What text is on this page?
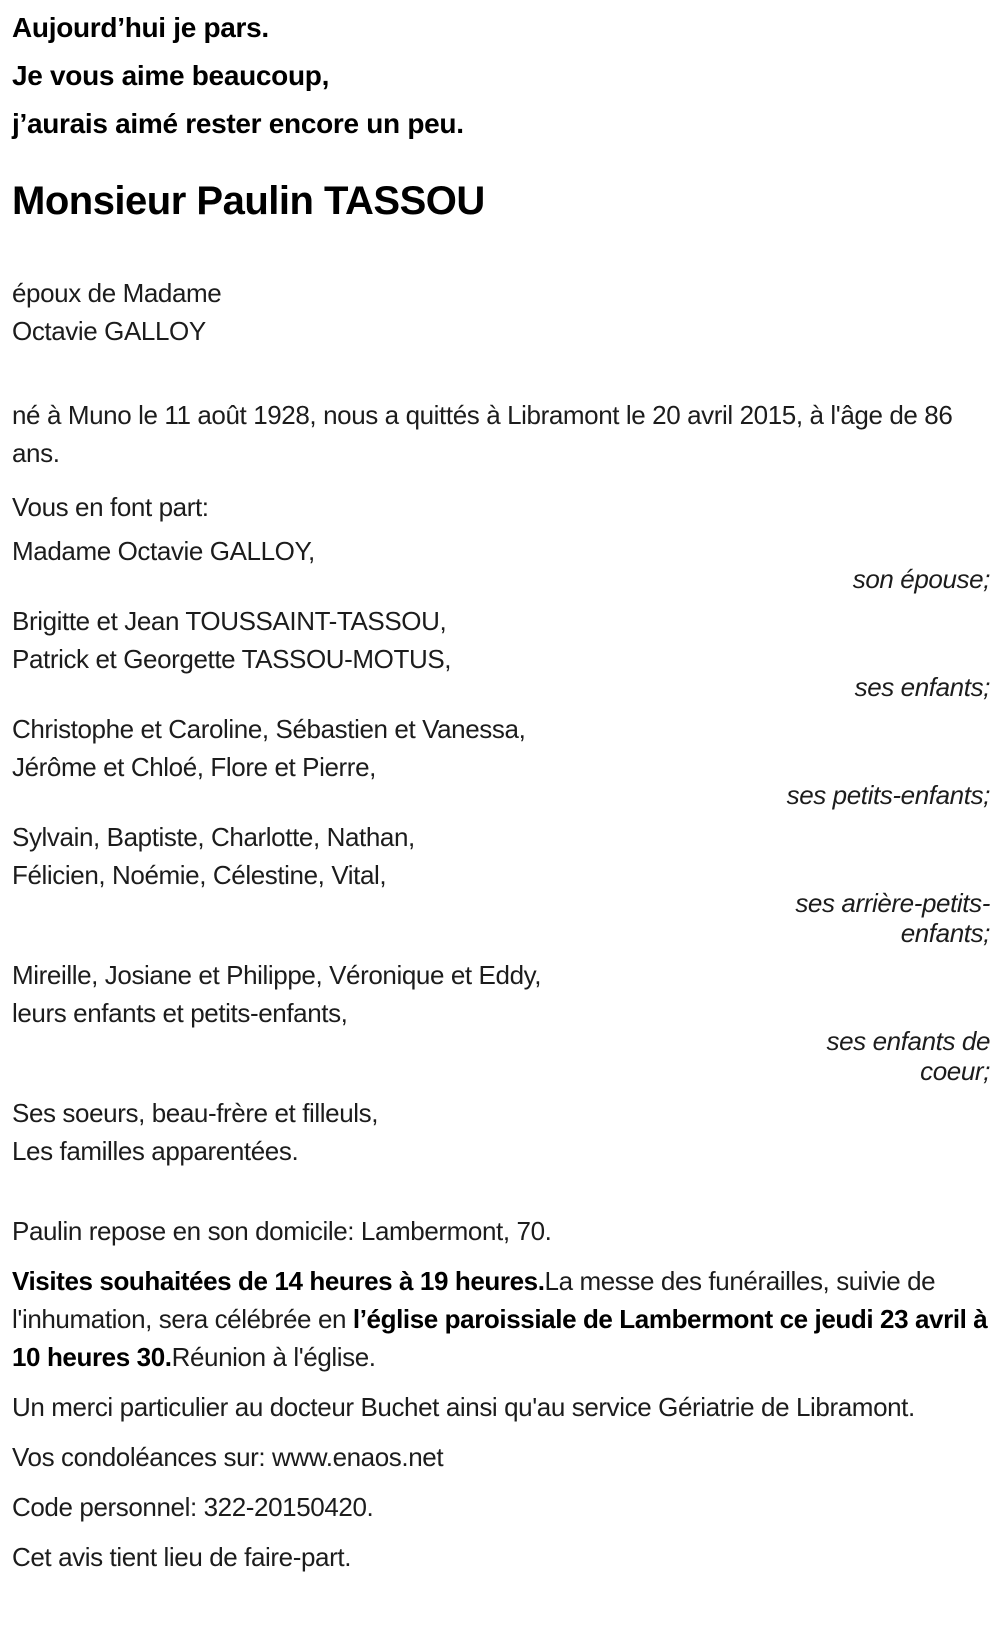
Aujourd’hui je pars.
Je vous aime beaucoup,
j’aurais aimé rester encore un peu.
Monsieur Paulin TASSOU
époux de Madame
Octavie GALLOY

né à Muno le 11 août 1928, nous a quittés à Libramont le 20 avril 2015, à l'âge de 86 ans.

Vous en font part:

Madame Octavie GALLOY,
son épouse;
Brigitte et Jean TOUSSAINT-TASSOU,
Patrick et Georgette TASSOU-MOTUS,
ses enfants;
Christophe et Caroline, Sébastien et Vanessa,
Jérôme et Chloé, Flore et Pierre,
ses petits-enfants;
Sylvain, Baptiste, Charlotte, Nathan,
Félicien, Noémie, Célestine, Vital,
ses arrière-petits-enfants;
Mireille, Josiane et Philippe, Véronique et Eddy,
leurs enfants et petits-enfants,
ses enfants de coeur;
Ses soeurs, beau-frère et filleuls,
Les familles apparentées.

Paulin repose en son domicile: Lambermont, 70.

Visites souhaitées de 14 heures à 19 heures.La messe des funérailles, suivie de l'inhumation, sera célébrée en l’église paroissiale de Lambermont ce jeudi 23 avril à 10 heures 30.Réunion à l'église.

Un merci particulier au docteur Buchet ainsi qu'au service Gériatrie de Libramont.

Vos condoléances sur: www.enaos.net

Code personnel: 322-20150420.

Cet avis tient lieu de faire-part.
